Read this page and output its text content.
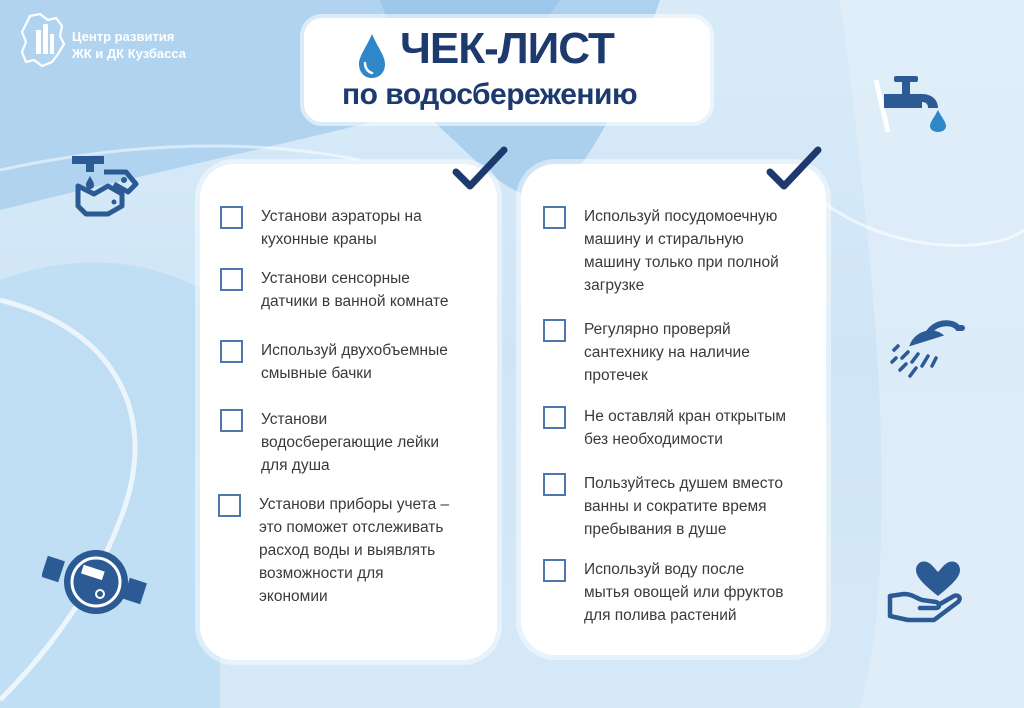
Центр развития
ЖК и ДК Кузбасса	ЧЕК-ЛИСТ
по водосбережению
Установи аэраторы на
кухонные краны
Установи сенсорные
датчики в ванной комнате
Используй двухобъемные
смывные бачки
Установи
водосберегающие лейки
для душа
Установи приборы учета –
это поможет отслеживать
расход воды и выявлять
возможности для
экономии
Используй посудомоечную
машину и стиральную
машину только при полной
загрузке
Регулярно проверяй
сантехнику на наличие
протечек
Не оставляй кран открытым
без необходимости
Пользуйтесь душем вместо
ванны и сократите время
пребывания в душе
Используй воду после
мытья овощей или фруктов
для полива растений
